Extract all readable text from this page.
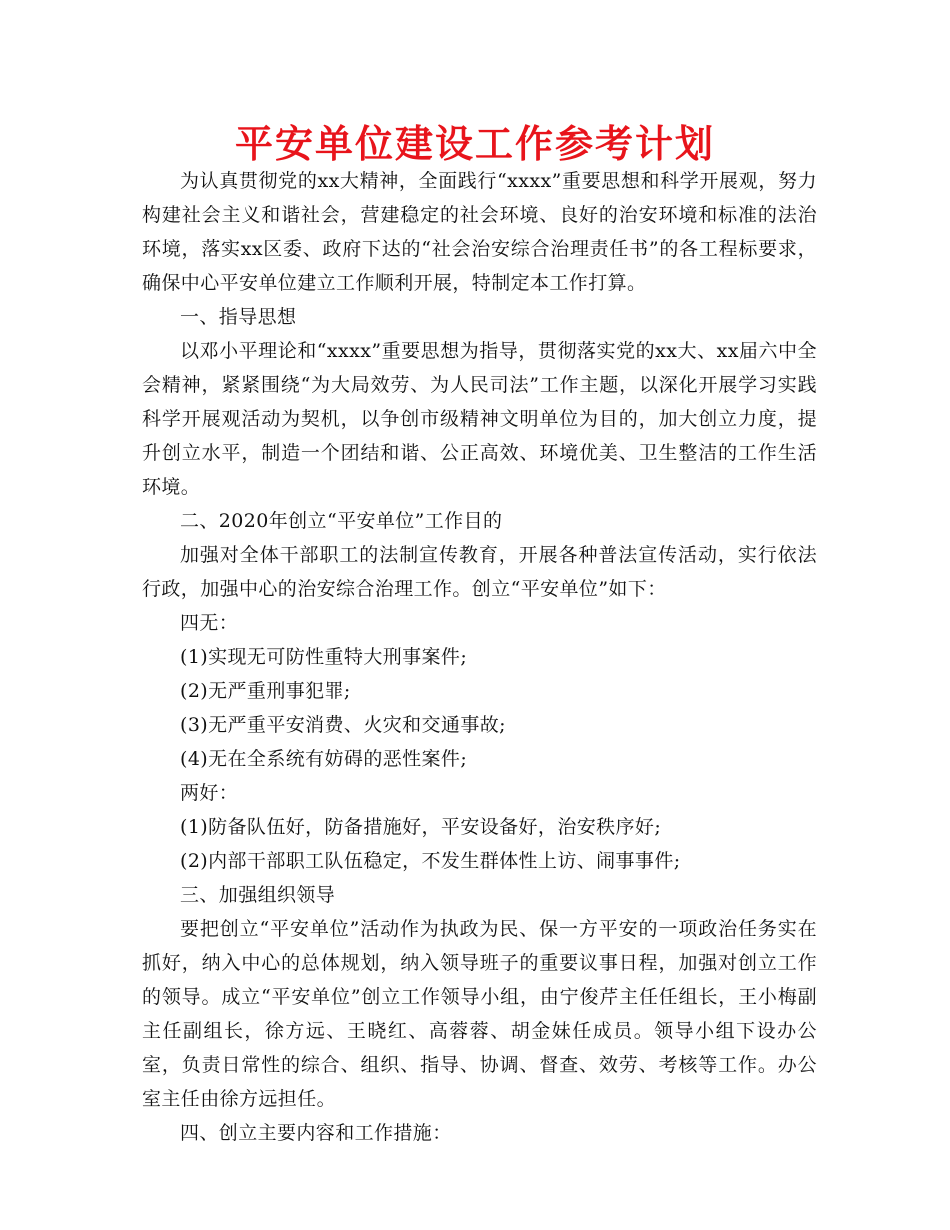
平安单位建设工作参考计划

为认真贯彻党的xx大精神，全面践行“xxxx”重要思想和科学开展观，努力构建社会主义和谐社会，营建稳定的社会环境、良好的治安环境和标准的法治环境，落实xx区委、政府下达的“社会治安综合治理责任书”的各工程标要求，确保中心平安单位建立工作顺利开展，特制定本工作打算。

一、指导思想

以邓小平理论和“xxxx”重要思想为指导，贯彻落实党的xx大、xx届六中全会精神，紧紧围绕“为大局效劳、为人民司法”工作主题，以深化开展学习实践科学开展观活动为契机，以争创市级精神文明单位为目的，加大创立力度，提升创立水平，制造一个团结和谐、公正高效、环境优美、卫生整洁的工作生活环境。

二、2020年创立“平安单位”工作目的

加强对全体干部职工的法制宣传教育，开展各种普法宣传活动，实行依法行政，加强中心的治安综合治理工作。创立“平安单位”如下：

四无：

(1)实现无可防性重特大刑事案件;

(2)无严重刑事犯罪;

(3)无严重平安消费、火灾和交通事故;

(4)无在全系统有妨碍的恶性案件;

两好：

(1)防备队伍好，防备措施好，平安设备好，治安秩序好;

(2)内部干部职工队伍稳定，不发生群体性上访、闹事事件;

三、加强组织领导

要把创立“平安单位”活动作为执政为民、保一方平安的一项政治任务实在抓好，纳入中心的总体规划，纳入领导班子的重要议事日程，加强对创立工作的领导。成立“平安单位”创立工作领导小组，由宁俊芹主任任组长，王小梅副主任副组长，徐方远、王晓红、高蓉蓉、胡金妹任成员。领导小组下设办公室，负责日常性的综合、组织、指导、协调、督查、效劳、考核等工作。办公室主任由徐方远担任。

四、创立主要内容和工作措施：
